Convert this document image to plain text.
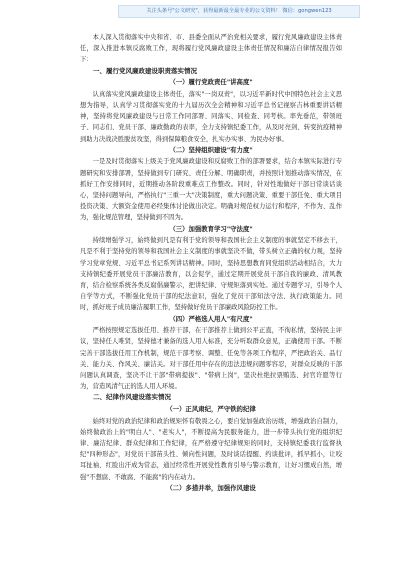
关注头条号"公文研究"，获得最新最全最专业的公文资料！ 微信：gongwen123

本人深入贯彻落实中央和省、市、县委全面从严治党相关要求，履行党风廉政建设主体责任，深入推进本镇反腐败工作，现将履行党风廉政建设主体责任情况和廉洁自律情况报告如下：

一、履行党风廉政建设职责落实情况

（一）履行党政责任"讲高度"

认真落实党风廉政建设主体责任，落实"一岗双责"，以习近平新时代中国特色社会主义思想为指导，认真学习贯彻落实党的十九届历次全会精神和习近平总书记视察吉林重要讲话精神，坚持将党风廉政建设与日常工作同部署、同落实、同检查、同考核。率先垂范，带领班子、同志们、党员干部、廉政勤政的表率，全力支持镇纪委工作，从及时亮剑、转变抗疫精神到助力决战决胜脱贫攻坚，得到保障粮食安全，扎实办实事、为民办好事。

（二）坚持组织建设"有力度"

一是及时贯彻落实上级关于党风廉政建设和反腐败工作的部署要求，结合本镇实际进行专题研究和安排部署，坚持做到专门研究、责任分解、明确职责，并按照计划推动落实情况，在抓好工作安排同时，近期推动各阶段重难点工作整改。同时，针对性地做好干部日常谈话谈心，坚持问题导向，严格执行"三重一大"决策制度，重大问题决策、重要干部任免、重大项目投资决策、大额资金使用必经集体讨论做出决定。明确对规范权力运行和程序，不作为、乱作为，强化规范管理，坚持做到不因为。

（三）加强教育学习"守法度"

持续增强学习，始终做到凡是有利于党的领导和我国社会主义制度的事就坚定不移去干，凡是不利于坚持党的领导和我国社会主义制度的事就坚决不做，带头树立正确的权力观，坚持学习党章党规、习近平总书记系列讲话精神。同时，坚持思想教育同党组织活动相结合，大力支持镇纪委开展党员干部廉洁教育，以会促学，通过定期开展党员干部自我的廉政、清风教育，结合检察系统各类反腐倡廉警示，把讲纪律、守规矩落到实处。通过专题学习，引导个人自学等方式，不断强化党员干部的纪法意识，强化了党员干部知法守法、执行政策能力。同时，抓好班子成员廉洁履职工作，坚持做好党员干部廉政风险防控工作。

（四）严格选人用人"有尺度"

严格按照规定选拔任用、推荐干部，在干部推荐上做到公平正直，不徇私情，坚持民主评议，坚持任人唯贤，坚持德才兼备的选人用人标准，充分听取群众意见，正确使用干部。不断完善干部选拔任用工作机制，规范干部考察、调整、任免等各项工作程序，严把政治关、品行关、能力关、作风关、廉洁关。对干部任用中存在的违法违规问题零容忍，对群众反映的干部问题认真调查，坚决不让干部"带病提拔"、"带病上岗"，坚决杜绝拉票贿选、封官许愿等行为，营造风清气正的选人用人环境。

二、纪律作风建设落实情况

（一）正风肃纪，严守铁的纪律

始终对党的政治纪律和政治规矩怀有敬畏之心，要自觉加强政治历练，增强政治自制力，始终做政治上的"明白人"、"老实人"，不断提高为民服务能力，进一步带头执行党的组织纪律、廉洁纪律、群众纪律和工作纪律，在严格遵守纪律规矩的同时，支持镇纪委我行监督执纪"四种形态"，对党员干部苗头性、倾向性问题，及时谈话提醒、约谈批评，抓早抓小，让咬耳扯袖、红脸出汗成为常态，通过经常性开展党性教育引导与警示教育，让好习惯成自然，增强"不想腐、不敢腐、不能腐"的内在动力。

（二）多措并举，加强作风建设
